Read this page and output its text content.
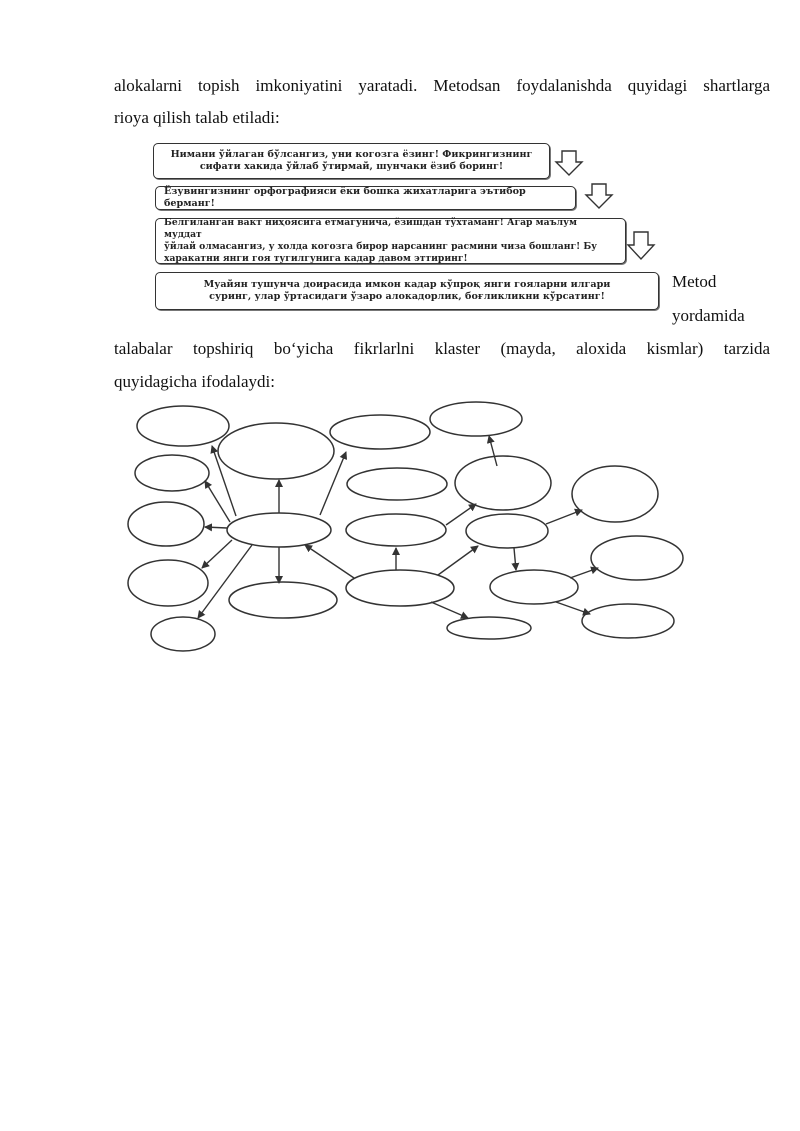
alokalarni topish imkoniyatini yaratadi. Metodsan foydalanishda quyidagi shartlarga

rioya qilish talab etiladi:

Нимани ўйлаган бўлсангиз, уни когозга ёзинг! Фикрингизнинг
сифати хакида ўйлаб ўтирмай, шунчаки ёзиб боринг!
Ёзувингизнинг орфографияси ёки бошка жихатларига эътибор берманг!
Белгиланган вакт ниҳоясига етмагунича, ёзишдан тўхтаманг! Агар маълум муддат
ўйлай олмасангиз, у холда когозга бирор нарсанинг расмини чиза бошланг! Бу
харакатни янги гоя тугилгунига кадар давом эттиринг!
Муайян тушунча доирасида имкон кадар кўпроқ янги гояларни илгари
суринг, улар ўртасидаги ўзаро алокадорлик, боғликликни кўрсатинг!

Metod

yordamida

talabalar topshiriq bo‘yicha fikrlarlni klaster (mayda, aloxida kismlar) tarzida

quyidagicha ifodalaydi:
